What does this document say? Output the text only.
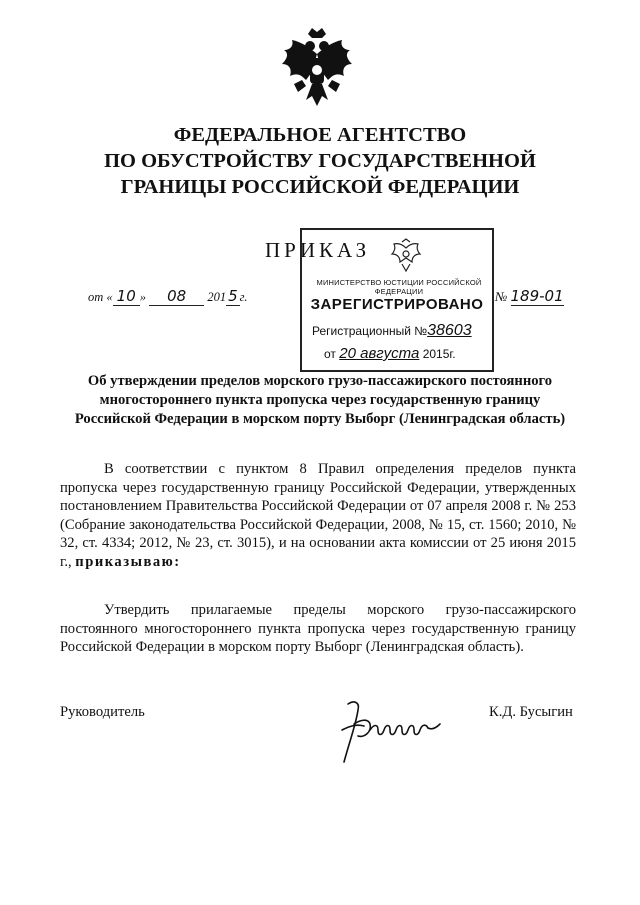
ФЕДЕРАЛЬНОЕ АГЕНТСТВО
ПО ОБУСТРОЙСТВУ ГОСУДАРСТВЕННОЙ
ГРАНИЦЫ РОССИЙСКОЙ ФЕДЕРАЦИИ
ПРИКАЗ
МИНИСТЕРСТВО ЮСТИЦИИ РОССИЙСКОЙ ФЕДЕРАЦИИ
ЗАРЕГИСТРИРОВАНО
Регистрационный №38603
от 20 августа 2015г.
от « 10 » 08 201 5 г.	№ 189-01
Об утверждении пределов морского грузо-пассажирского постоянного
многостороннего пункта пропуска через государственную границу
Российской Федерации в морском порту Выборг (Ленинградская область)
В соответствии с пунктом 8 Правил определения пределов пункта пропуска через государственную границу Российской Федерации, утвержденных постановлением Правительства Российской Федерации от 07 апреля 2008 г. № 253 (Собрание законодательства Российской Федерации, 2008, № 15, ст. 1560; 2010, № 32, ст. 4334; 2012, № 23, ст. 3015), и на основании акта комиссии от 25 июня 2015 г., приказываю:
Утвердить прилагаемые пределы морского грузо-пассажирского постоянного многостороннего пункта пропуска через государственную границу Российской Федерации в морском порту Выборг (Ленинградская область).
Руководитель	К.Д. Бусыгин
